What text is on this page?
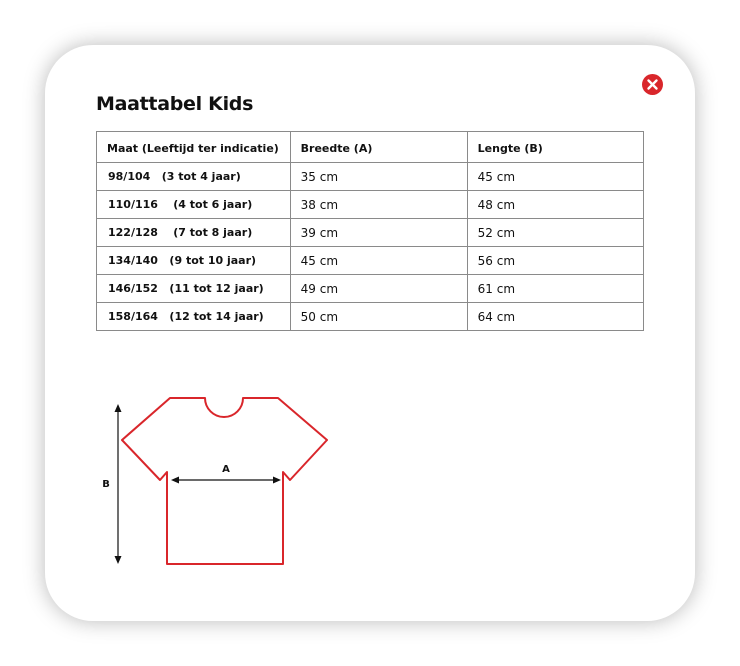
Maattabel Kids
Maat (Leeftijd ter indicatie)	Breedte (A)	Lengte (B)
98/104   (3 tot 4 jaar)	35 cm	45 cm
110/116    (4 tot 6 jaar)	38 cm	48 cm
122/128    (7 tot 8 jaar)	39 cm	52 cm
134/140   (9 tot 10 jaar)	45 cm	56 cm
146/152   (11 tot 12 jaar)	49 cm	61 cm
158/164   (12 tot 14 jaar)	50 cm	64 cm
A
B
